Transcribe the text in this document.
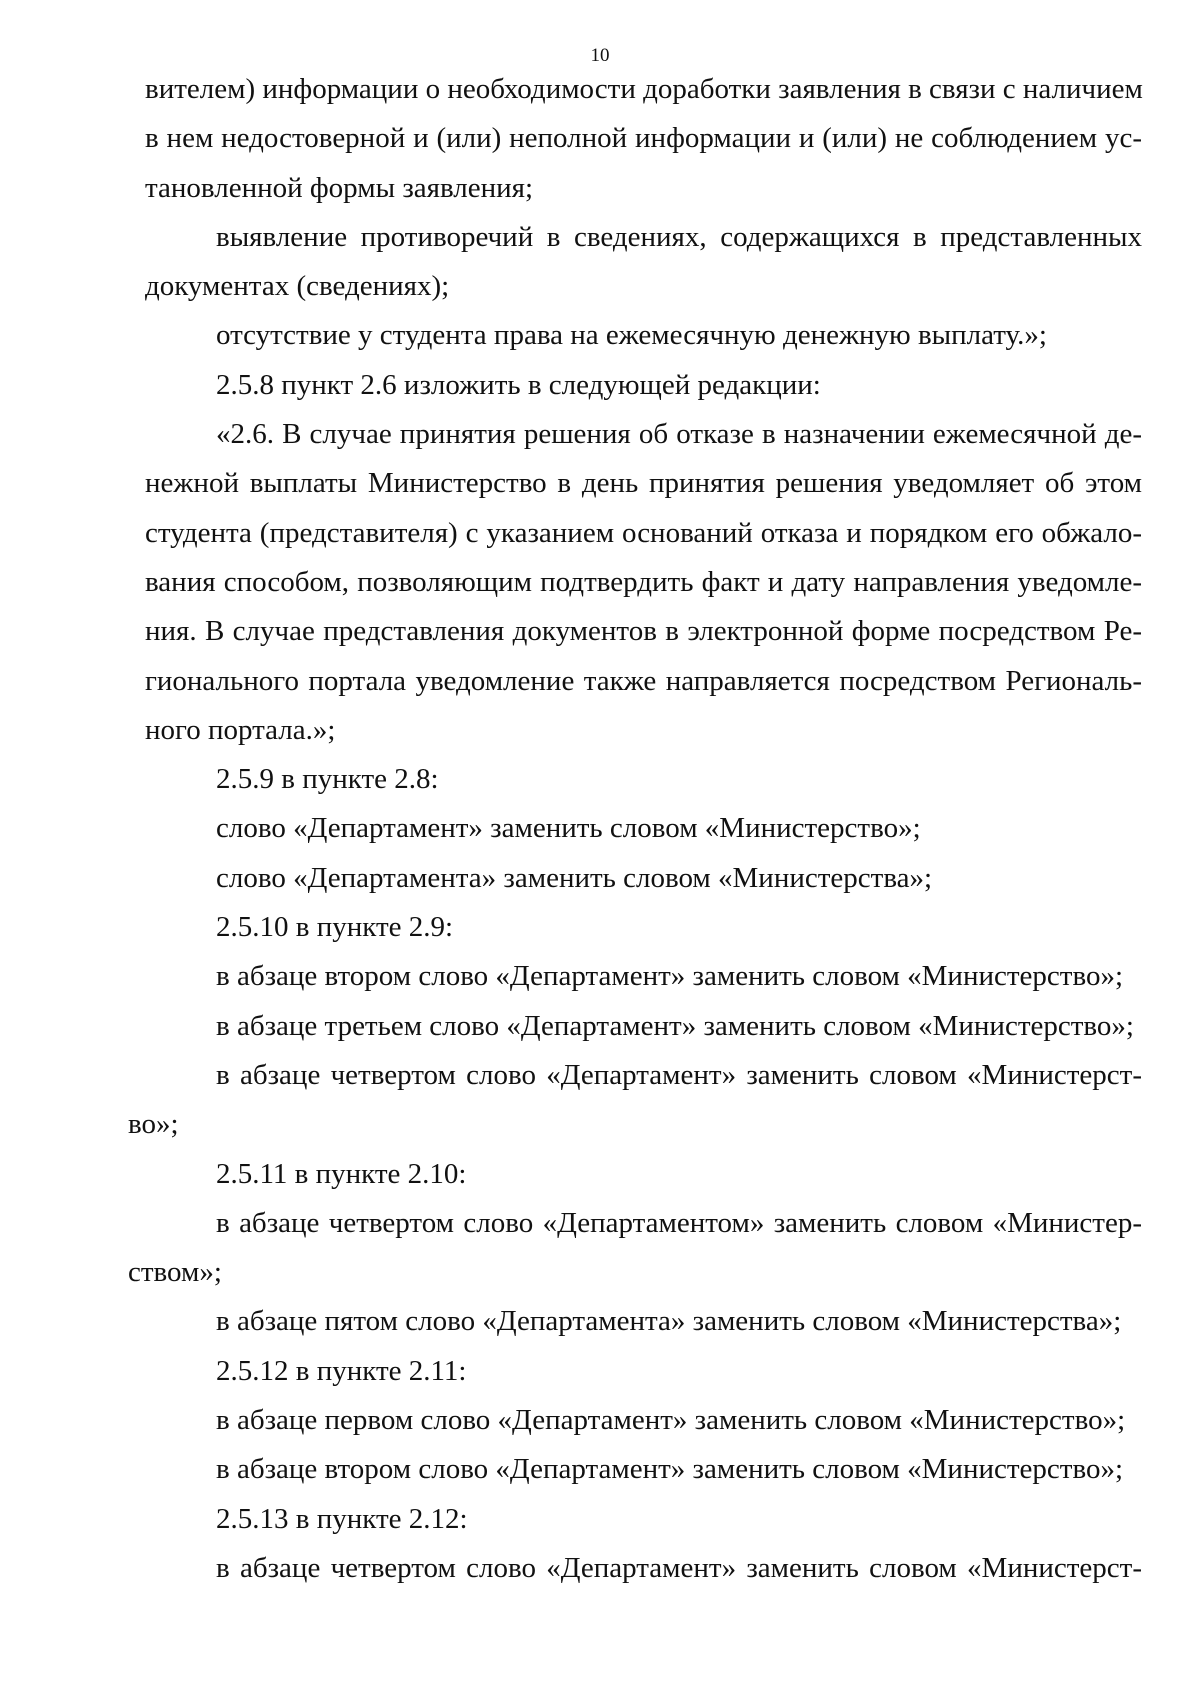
10
вителем) информации о необходимости доработки заявления в связи с наличием
в нем недостоверной и (или) неполной информации и (или) не соблюдением ус-
тановленной формы заявления;
выявление противоречий в сведениях, содержащихся в представленных
документах (сведениях);
отсутствие у студента права на ежемесячную денежную выплату.»;
2.5.8 пункт 2.6 изложить в следующей редакции:
«2.6. В случае принятия решения об отказе в назначении ежемесячной де-
нежной выплаты Министерство в день принятия решения уведомляет об этом
студента (представителя) с указанием оснований отказа и порядком его обжало-
вания способом, позволяющим подтвердить факт и дату направления уведомле-
ния. В случае представления документов в электронной форме посредством Ре-
гионального портала уведомление также направляется посредством Региональ-
ного портала.»;
2.5.9 в пункте 2.8:
слово «Департамент» заменить словом «Министерство»;
слово «Департамента» заменить словом «Министерства»;
2.5.10 в пункте 2.9:
в абзаце втором слово «Департамент» заменить словом «Министерство»;
в абзаце третьем слово «Департамент» заменить словом «Министерство»;
в абзаце четвертом слово «Департамент» заменить словом «Министерст-
во»;
2.5.11 в пункте 2.10:
в абзаце четвертом слово «Департаментом» заменить словом «Министер-
ством»;
в абзаце пятом слово «Департамента» заменить словом «Министерства»;
2.5.12 в пункте 2.11:
в абзаце первом слово «Департамент» заменить словом «Министерство»;
в абзаце втором слово «Департамент» заменить словом «Министерство»;
2.5.13 в пункте 2.12:
в абзаце четвертом слово «Департамент» заменить словом «Министерст-
